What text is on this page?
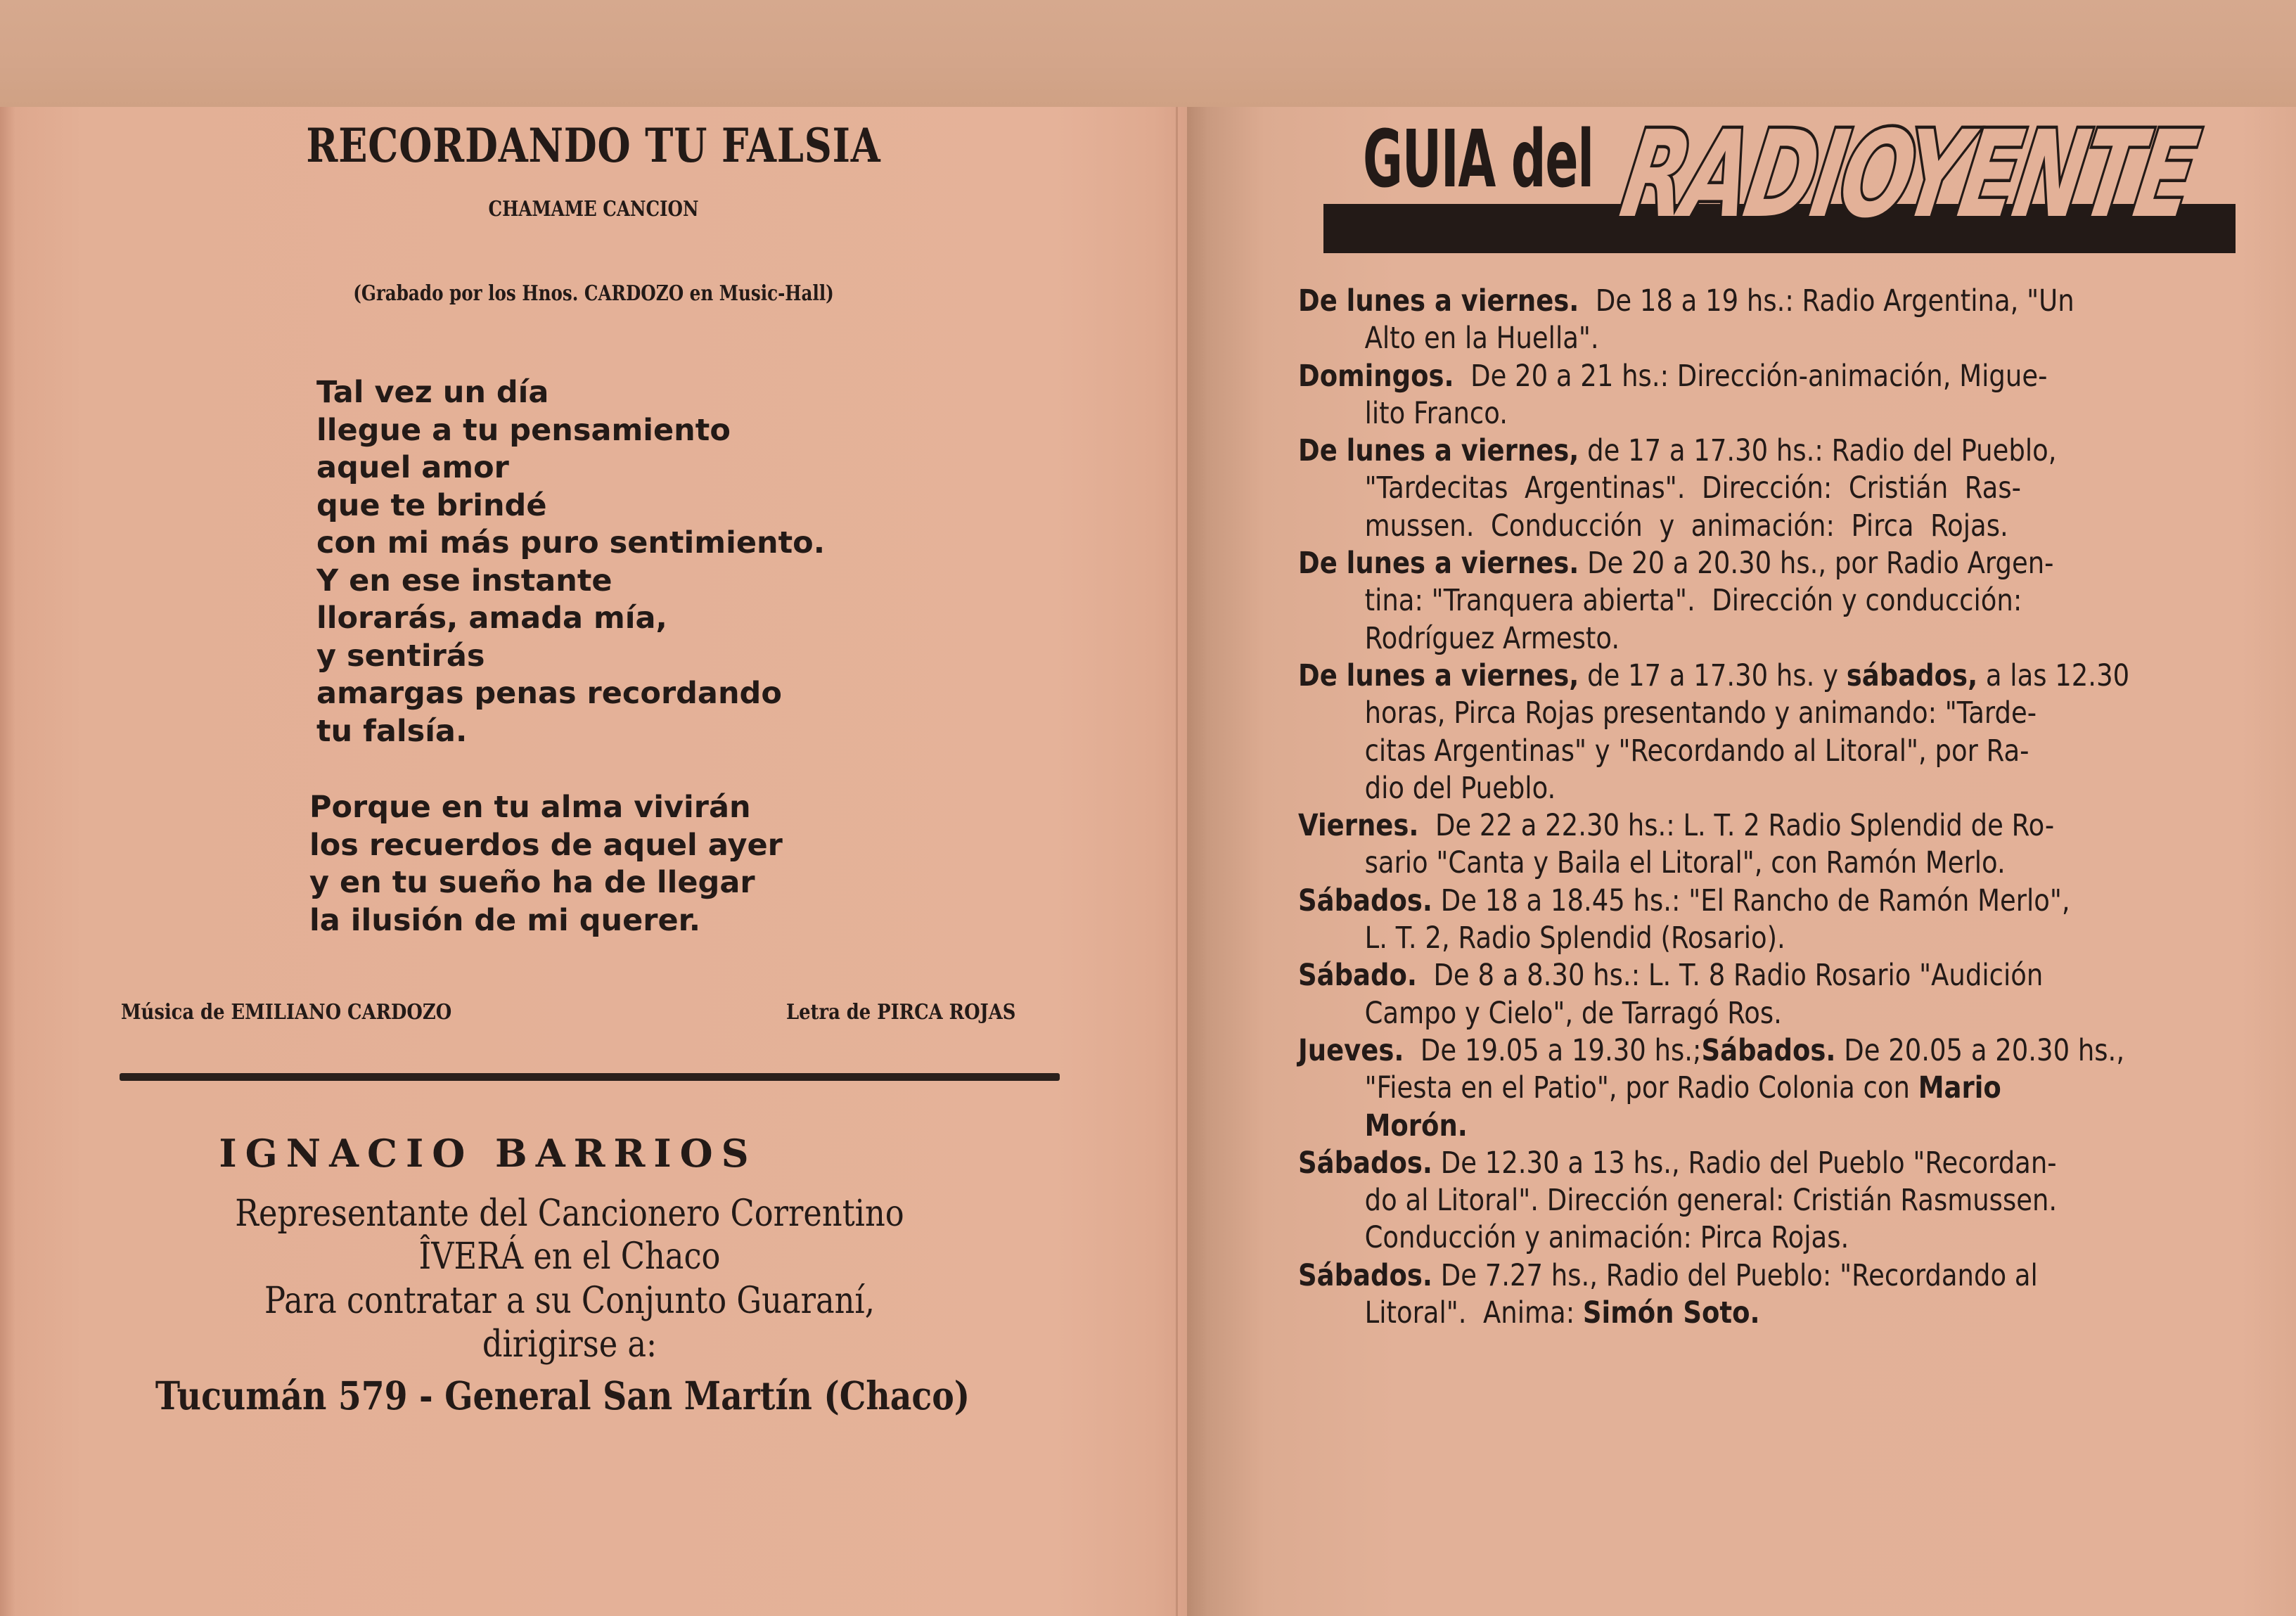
RECORDANDO TU FALSIA
CHAMAME CANCION
(Grabado por los Hnos. CARDOZO en Music-Hall)
Tal vez un día
llegue a tu pensamiento
aquel amor
que te brindé
con mi más puro sentimiento.
Y en ese instante
llorarás, amada mía,
y sentirás
amargas penas recordando
tu falsía.
Porque en tu alma vivirán
los recuerdos de aquel ayer
y en tu sueño ha de llegar
la ilusión de mi querer.
Música de EMILIANO CARDOZO	Letra de PIRCA ROJAS
IGNACIO BARRIOS
Representante del Cancionero Correntino
ÎVERÁ en el Chaco
Para contratar a su Conjunto Guaraní,
dirigirse a:
Tucumán 579 - General San Martín (Chaco)
GUIA del RADIOYENTE
De lunes a viernes.  De 18 a 19 hs.: Radio Argentina, "Un
Alto en la Huella".
Domingos.  De 20 a 21 hs.: Dirección-animación, Migue-
lito Franco.
De lunes a viernes, de 17 a 17.30 hs.: Radio del Pueblo,
"Tardecitas  Argentinas".  Dirección:  Cristián  Ras-
mussen.  Conducción  y  animación:  Pirca  Rojas.
De lunes a viernes. De 20 a 20.30 hs., por Radio Argen-
tina: "Tranquera abierta".  Dirección y conducción:
Rodríguez Armesto.
De lunes a viernes, de 17 a 17.30 hs. y sábados, a las 12.30
horas, Pirca Rojas presentando y animando: "Tarde-
citas Argentinas" y "Recordando al Litoral", por Ra-
dio del Pueblo.
Viernes.  De 22 a 22.30 hs.: L. T. 2 Radio Splendid de Ro-
sario "Canta y Baila el Litoral", con Ramón Merlo.
Sábados. De 18 a 18.45 hs.: "El Rancho de Ramón Merlo",
L. T. 2, Radio Splendid (Rosario).
Sábado.  De 8 a 8.30 hs.: L. T. 8 Radio Rosario "Audición
Campo y Cielo", de Tarragó Ros.
Jueves.  De 19.05 a 19.30 hs.;Sábados. De 20.05 a 20.30 hs.,
"Fiesta en el Patio", por Radio Colonia con Mario
Morón.
Sábados. De 12.30 a 13 hs., Radio del Pueblo "Recordan-
do al Litoral". Dirección general: Cristián Rasmussen.
Conducción y animación: Pirca Rojas.
Sábados. De 7.27 hs., Radio del Pueblo: "Recordando al
Litoral".  Anima: Simón Soto.
